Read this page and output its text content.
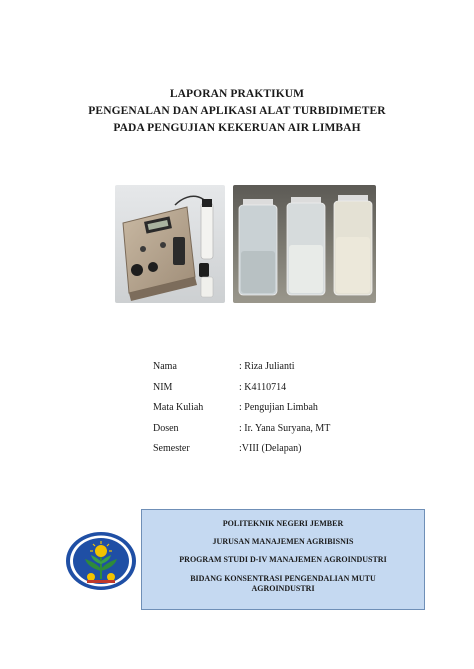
LAPORAN PRAKTIKUM
PENGENALAN DAN APLIKASI ALAT TURBIDIMETER
PADA PENGUJIAN KEKERUAN AIR LIMBAH
Nama	: Riza Julianti
NIM	: K4110714
Mata Kuliah	: Pengujian Limbah
Dosen	: Ir. Yana Suryana, MT
Semester	:VIII (Delapan)
POLITEKNIK NEGERI JEMBER
JURUSAN MANAJEMEN AGRIBISNIS
PROGRAM STUDI D-IV MANAJEMEN AGROINDUSTRI
BIDANG KONSENTRASI PENGENDALIAN MUTU
AGROINDUSTRI
